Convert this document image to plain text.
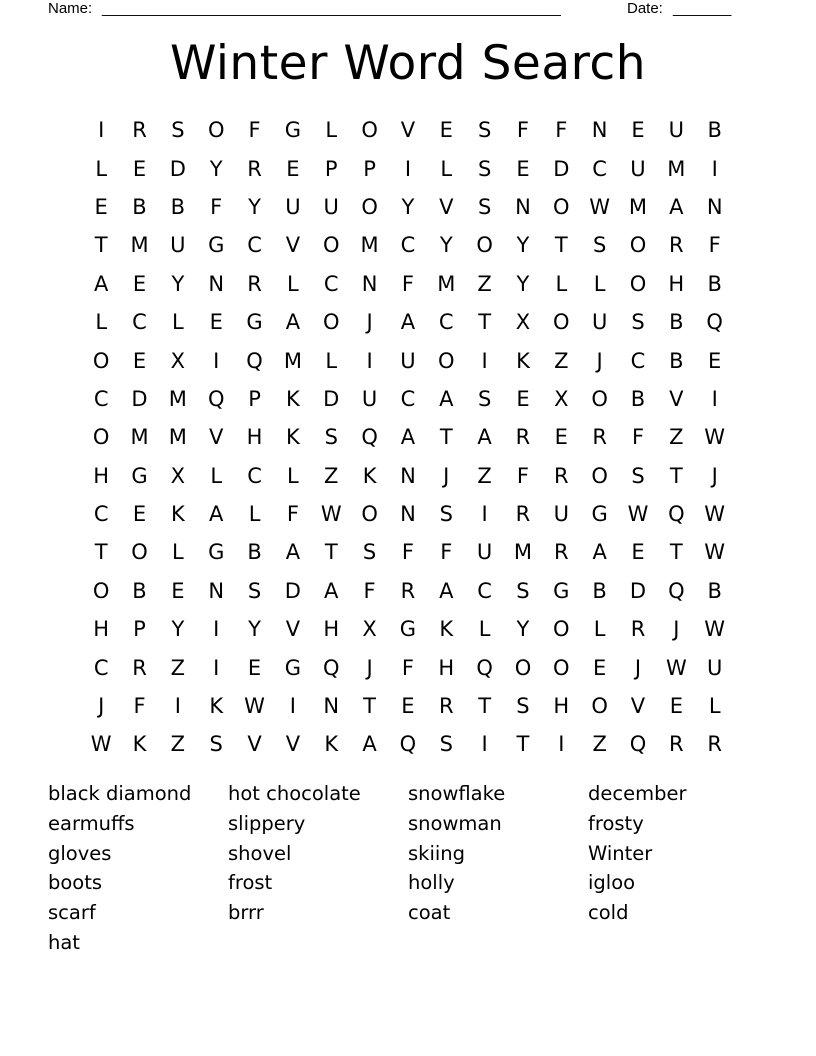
Name: _______________________________________________________	Date: _______
Winter Word Search
I	R	S	O	F	G	L	O	V	E	S	F	F	N	E	U	B
L	E	D	Y	R	E	P	P	I	L	S	E	D	C	U	M	I
E	B	B	F	Y	U	U	O	Y	V	S	N	O W M	A	N
T	M	U	G	C	V	O	M	C	Y	O	Y	T	S	O	R	F
A	E	Y	N	R	L	C	N	F	M	Z	Y	L	L	O	H	B
L	C	L	E	G	A	O	J	A	C	T	X	O	U	S	B	Q
O	E	X	I	Q	M	L	I	U	O	I	K	Z	J	C	B	E
C	D	M	Q	P	K	D	U	C	A	S	E	X	O	B	V	I
O	M M	V	H	K	S	Q	A	T	A	R	E	R	F	Z W
H	G	X	L	C	L	Z	K	N	J	Z	F	R	O	S	T	J
C	E	K	A	L	F	W O	N	S	I	R	U	G W Q W
T	O	L	G	B	A	T	S	F	F	U	M	R	A	E	T	W
O	B	E	N	S	D	A	F	R	A	C	S	G	B	D	Q	B
H	P	Y	I	Y	V	H	X	G	K	L	Y	O	L	R	J	W
C	R	Z	I	E	G	Q	J	F	H	Q	O	O	E	J	W U
J	F	I	K	W	I	N	T	E	R	T	S	H	O	V	E	L
W	K	Z	S	V	V	K	A	Q	S	I	T	I	Z	Q	R	R
black diamond
earmuffs
gloves
boots
scarf
hat
hot chocolate
slippery
shovel
frost
brrr
snowflake
snowman
skiing
holly
coat
december
frosty
Winter
igloo
cold
